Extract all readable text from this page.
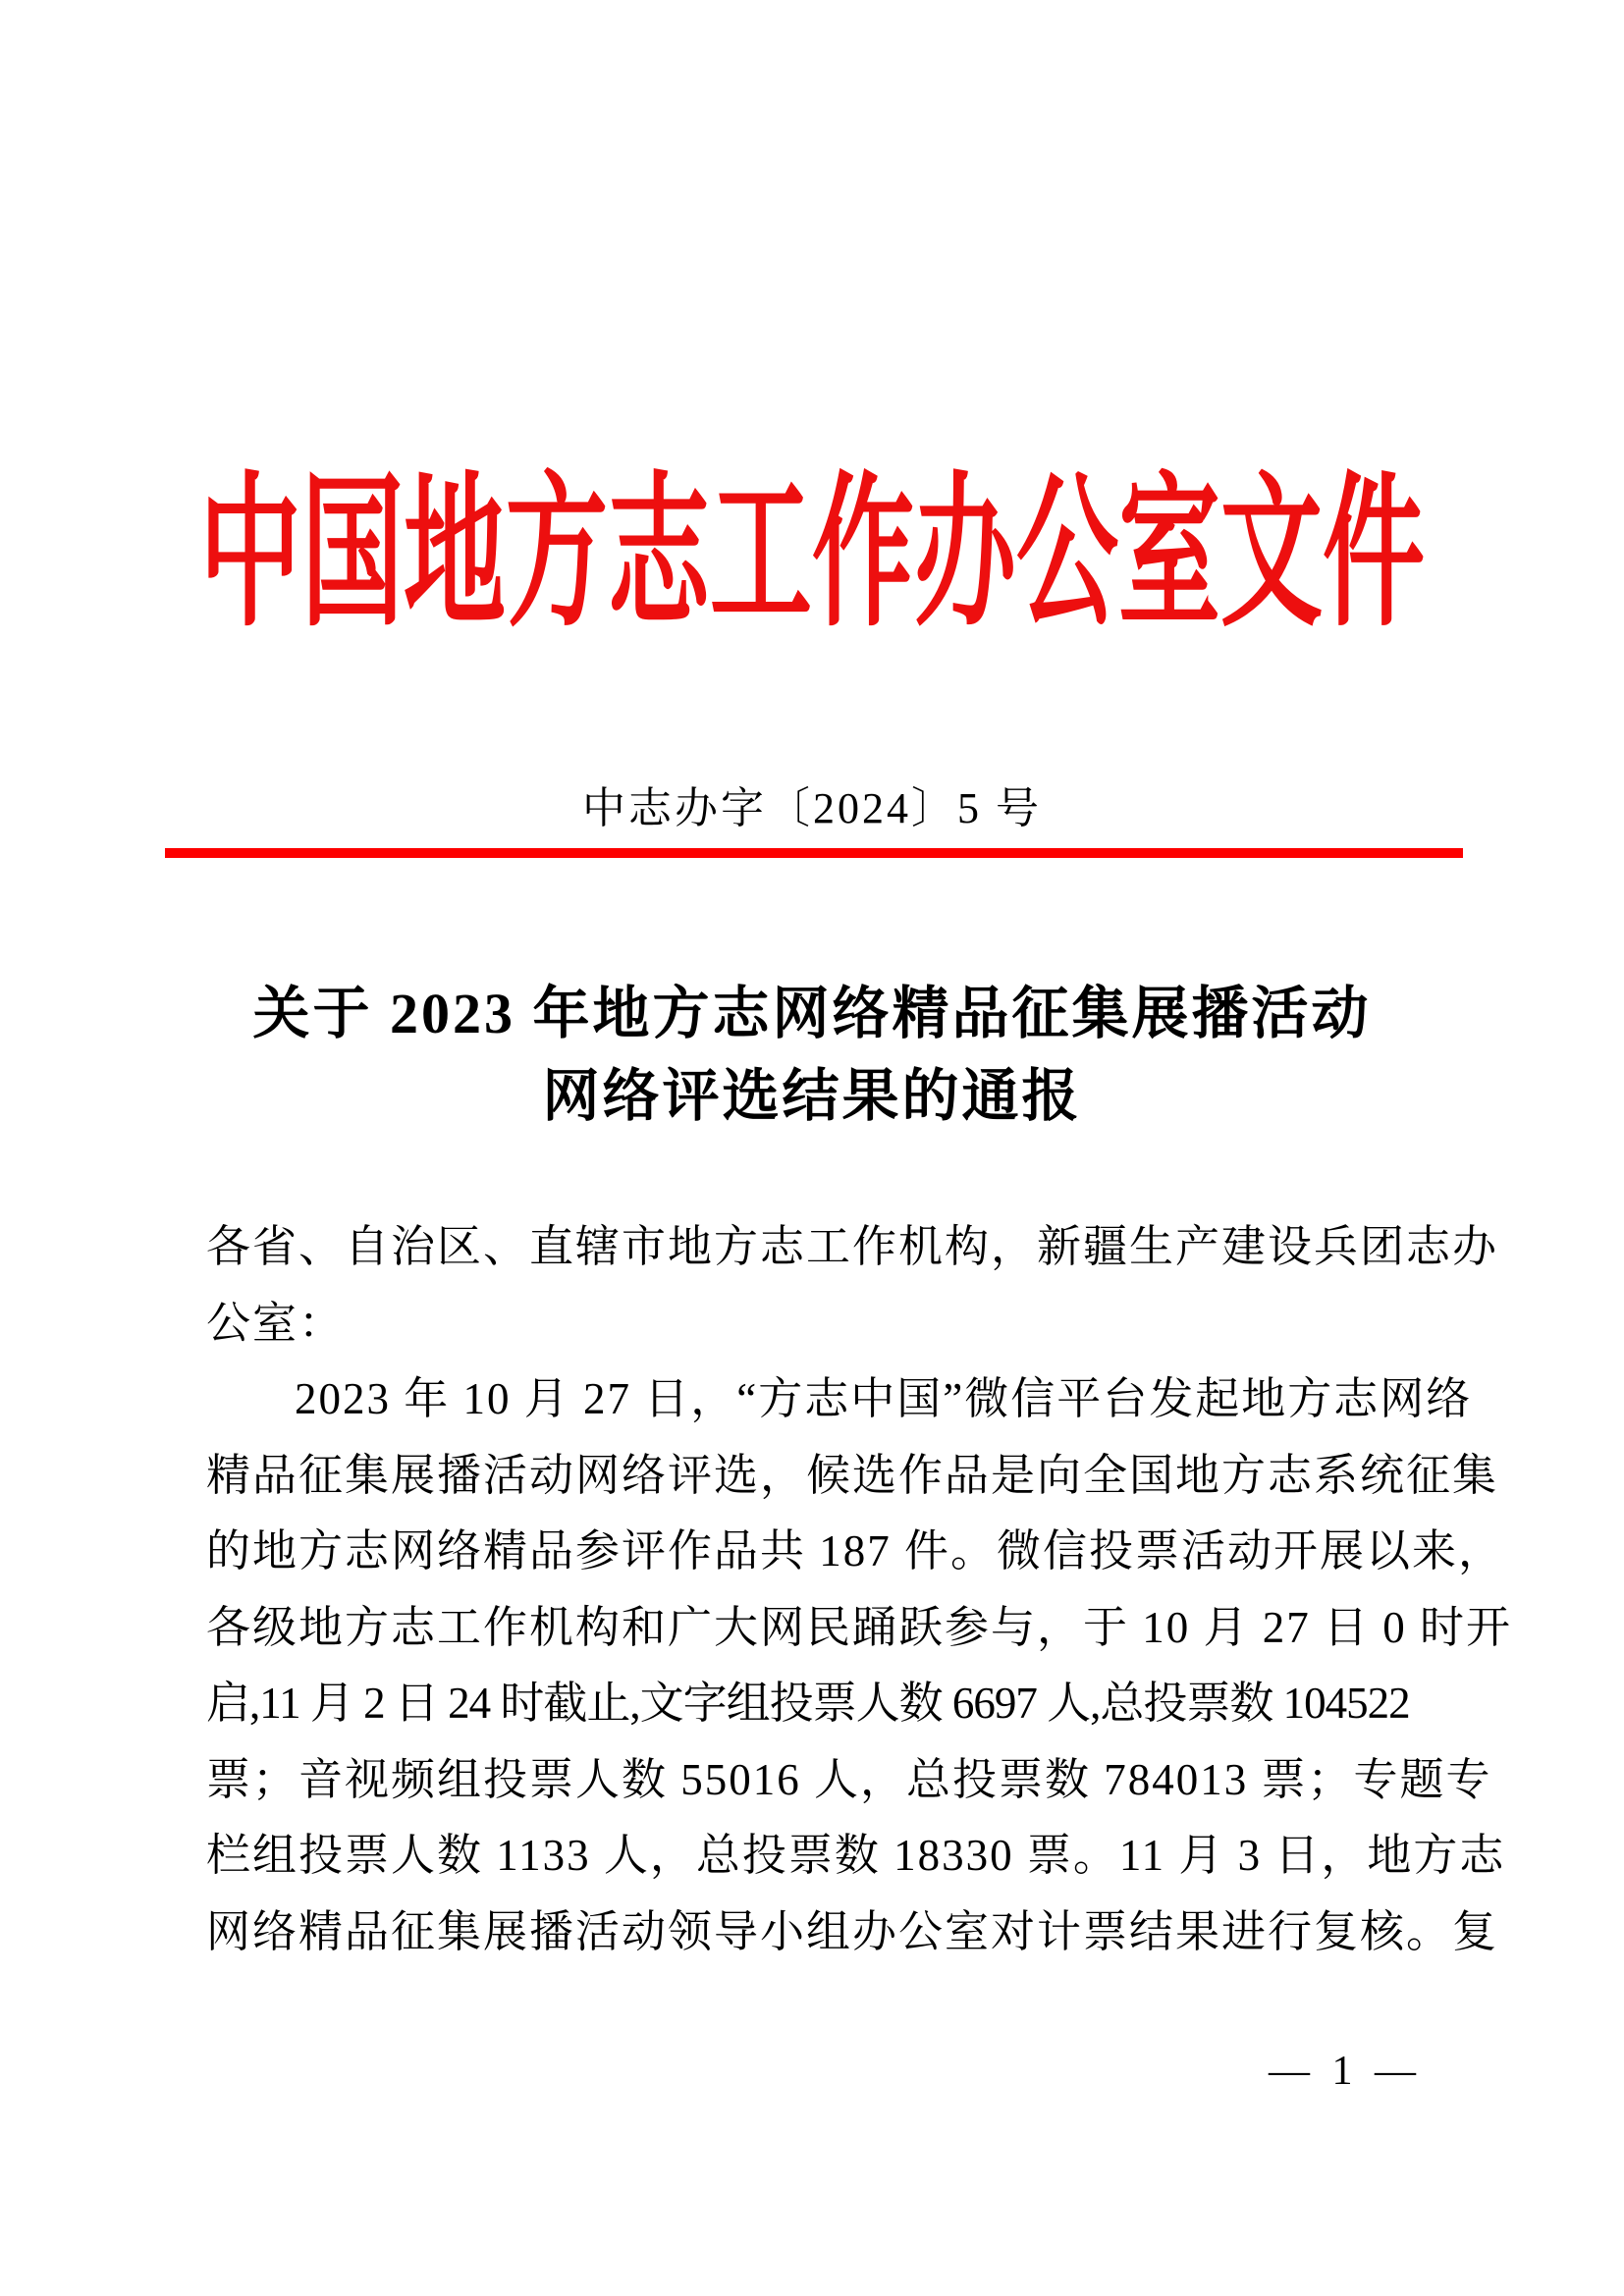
中国地方志工作办公室文件
中志办字〔2024〕5 号
关于 2023 年地方志网络精品征集展播活动
网络评选结果的通报
各省、自治区、直辖市地方志工作机构，新疆生产建设兵团志办
公室：
2023 年 10 月 27 日，“方志中国”微信平台发起地方志网络
精品征集展播活动网络评选，候选作品是向全国地方志系统征集
的地方志网络精品参评作品共 187 件。微信投票活动开展以来，
各级地方志工作机构和广大网民踊跃参与，于 10 月 27 日 0 时开
启,11 月 2 日 24 时截止,文字组投票人数 6697 人,总投票数 104522
票；音视频组投票人数 55016 人，总投票数 784013 票；专题专
栏组投票人数 1133 人，总投票数 18330 票。11 月 3 日，地方志
网络精品征集展播活动领导小组办公室对计票结果进行复核。复
— 1 —
